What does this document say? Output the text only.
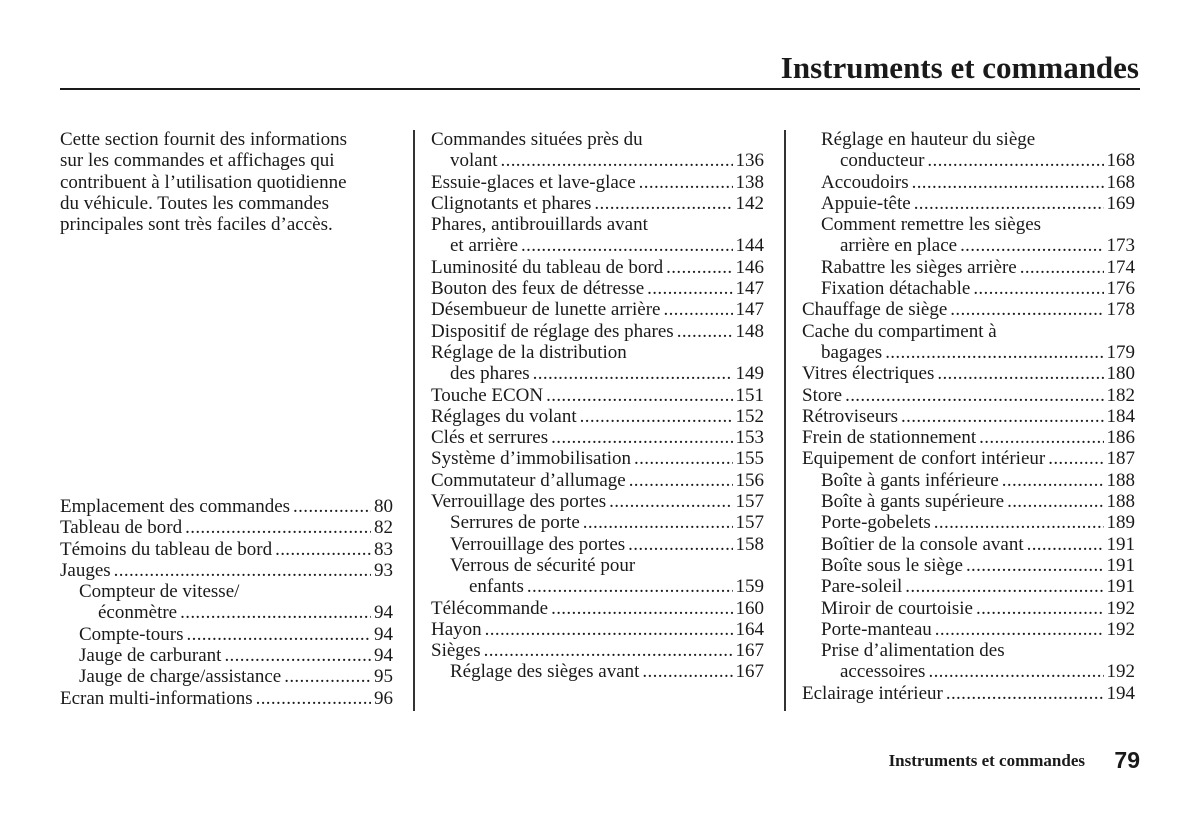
Instruments et commandes
Cette section fournit des informations
sur les commandes et affichages qui
contribuent à l’utilisation quotidienne
du véhicule. Toutes les commandes
principales sont très faciles d’accès.
Emplacement des commandes . . .	80
Tableau de bord . . .	82
Témoins du tableau de bord . . .	83
Jauges . . .	93
Compteur de vitesse/
éconmètre . . .	94
Compte-tours . . .	94
Jauge de carburant . . .	94
Jauge de charge/assistance . . .	95
Ecran multi-informations . . .	96
Commandes situées près du
volant . . .	136
Essuie-glaces et lave-glace . . .	138
Clignotants et phares . . .	142
Phares, antibrouillards avant
et arrière . . .	144
Luminosité du tableau de bord . . .	146
Bouton des feux de détresse . . .	147
Désembueur de lunette arrière . . .	147
Dispositif de réglage des phares . . .	148
Réglage de la distribution
des phares . . .	149
Touche ECON . . .	151
Réglages du volant . . .	152
Clés et serrures . . .	153
Système d’immobilisation . . .	155
Commutateur d’allumage . . .	156
Verrouillage des portes . . .	157
Serrures de porte . . .	157
Verrouillage des portes . . .	158
Verrous de sécurité pour
enfants . . .	159
Télécommande . . .	160
Hayon . . .	164
Sièges . . .	167
Réglage des sièges avant . . .	167
Réglage en hauteur du siège
conducteur . . .	168
Accoudoirs . . .	168
Appuie-tête . . .	169
Comment remettre les sièges
arrière en place . . .	173
Rabattre les sièges arrière . . .	174
Fixation détachable . . .	176
Chauffage de siège . . .	178
Cache du compartiment à
bagages . . .	179
Vitres électriques . . .	180
Store . . .	182
Rétroviseurs . . .	184
Frein de stationnement . . .	186
Equipement de confort intérieur . . .	187
Boîte à gants inférieure . . .	188
Boîte à gants supérieure . . .	188
Porte-gobelets . . .	189
Boîtier de la console avant . . .	191
Boîte sous le siège . . .	191
Pare-soleil . . .	191
Miroir de courtoisie . . .	192
Porte-manteau . . .	192
Prise d’alimentation des
accessoires . . .	192
Eclairage intérieur . . .	194
Instruments et commandes 79
